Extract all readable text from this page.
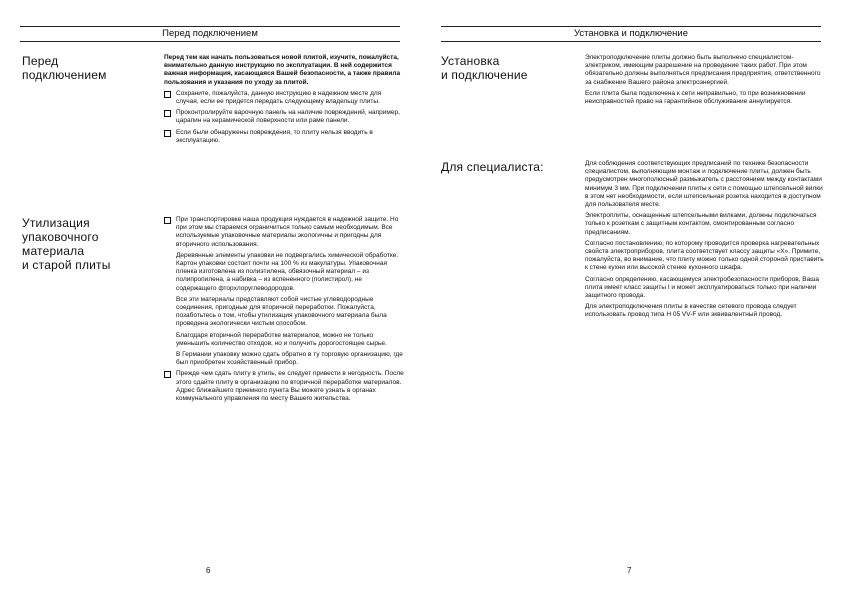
Перед подключением
Перед
подключением

Перед тем как начать пользоваться новой плитой, изучите, пожалуйста, внимательно данную инструкцию по эксплуатации. В ней содержится важная информация, касающаяся Вашей безопасности, а также правила пользования и указания по уходу за плитой.

Сохраните, пожалуйста, данную инструкцию в надежном месте для случая, если ее придется передать следующему владельцу плиты.
Проконтролируйте варочную панель на наличие повреждений, например, царапин на керамической поверхности или раме панели.
Если были обнаружены повреждения, то плиту нельзя вводить в эксплуатацию.
Утилизация
упаковочного
материала
и старой плиты
При транспортировке наша продукция нуждается в надежной защите. Но при этом мы стараемся ограничиться только самым необходимым. Все используемые упаковочные материалы экологичны и пригодны для вторичного использования.

Деревянные элементы упаковки не подвергались химической обработке. Картон упаковки состоит почти на 100 % из макулатуры. Упаковочная пленка изготовлена из полиэтилена, обвязочный материал – из полипропилена, а набивка – из вспененного (полистирол), не содержащего фторхлоруглеводородов.

Все эти материалы представляют собой чистые углеводородные соединения, пригодные для вторичной переработки. Пожалуйста, позаботьтесь о том, чтобы утилизация упаковочного материала была проведена экологически чистым способом.

Благодаря вторичной переработке материалов, можно не только уменьшить количество отходов, но и получить дорогостоящее сырье.

В Германии упаковку можно сдать обратно в ту торговую организацию, где был приобретен хозяйственный прибор.

Прежде чем сдать плиту в утиль, ее следует привести в негодность. После этого сдайте плиту в организацию по вторичной переработке материалов. Адрес ближайшего приемного пункта Вы можете узнать в органах коммунального управления по месту Вашего жительства.
6
Установка и подключение
Установка
и подключение

Электроподключение плиты должно быть выполнено специалистом-электриком, имеющим разрешение на проведение таких работ. При этом обязательно должны выполняться предписания предприятия, ответственного за снабжение Вашего района электроэнергией.

Если плита была подключена к сети неправильно, то при возникновении неисправностей право на гарантийное обслуживание аннулируется.

Для специалиста:	Для соблюдения соответствующих предписаний по технике безопасности специалистом, выполняющим монтаж и подключение плиты, должен быть предусмотрен многополюсный размыкатель с расстоянием между контактами минимум 3 мм. При подключении плиты к сети с помощью штепсельной вилки в этом нет необходимости, если штепсельная розетка находится в доступном для пользователя месте.

Электроплиты, оснащенные штепсельными вилками, должны подключаться только к розеткам с защитным контактом, смонтированным согласно предписаниям.

Согласно постановлению, по которому проводится проверка нагревательных свойств электроприборов, плита соответствует классу защиты «Х». Примите, пожалуйста, во внимание, что плиту можно только одной стороной приставить к стене кухни или высокой стенке кухонного шкафа.

Согласно определению, касающемуся электробезопасности приборов, Ваша плита имеет класс защиты I и может эксплуатироваться только при наличии защитного провода.

Для электроподключения плиты в качестве сетевого провода следует использовать провод типа H 05 VV-F или эквивалентный провод.

7
